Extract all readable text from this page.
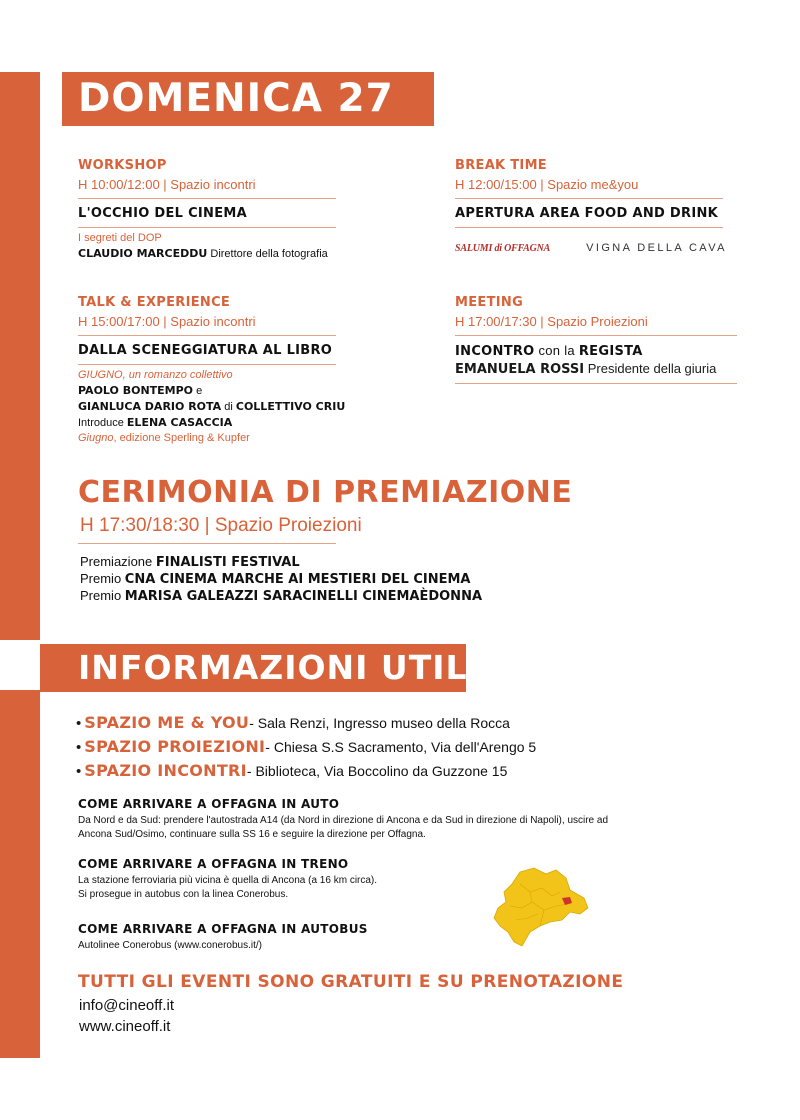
DOMENICA 27
WORKSHOP
H 10:00/12:00 | Spazio incontri
L'OCCHIO DEL CINEMA
I segreti del DOP
CLAUDIO MARCEDDU Direttore della fotografia
BREAK TIME
H 12:00/15:00 | Spazio me&you
APERTURA AREA FOOD AND DRINK
SALUMI di OFFAGNA	VIGNA DELLA CAVA
TALK & EXPERIENCE
H 15:00/17:00 | Spazio incontri
DALLA SCENEGGIATURA AL LIBRO
GIUGNO, un romanzo collettivo
PAOLO BONTEMPO e
GIANLUCA DARIO ROTA di COLLETTIVO CRIU
Introduce ELENA CASACCIA
Giugno, edizione Sperling & Kupfer
MEETING
H 17:00/17:30 | Spazio Proiezioni
INCONTRO con la REGISTA
EMANUELA ROSSI Presidente della giuria
CERIMONIA DI PREMIAZIONE
H 17:30/18:30 | Spazio Proiezioni
Premiazione FINALISTI FESTIVAL
Premio CNA CINEMA MARCHE AI MESTIERI DEL CINEMA
Premio MARISA GALEAZZI SARACINELLI CINEMAÈDONNA
INFORMAZIONI UTILI
• SPAZIO ME & YOU - Sala Renzi, Ingresso museo della Rocca
• SPAZIO PROIEZIONI - Chiesa S.S Sacramento, Via dell'Arengo 5
• SPAZIO INCONTRI - Biblioteca, Via Boccolino da Guzzone 15
COME ARRIVARE A OFFAGNA IN AUTO
Da Nord e da Sud: prendere l'autostrada A14 (da Nord in direzione di Ancona e da Sud in direzione di Napoli), uscire ad Ancona Sud/Osimo, continuare sulla SS 16 e seguire la direzione per Offagna.
COME ARRIVARE A OFFAGNA IN TRENO
La stazione ferroviaria più vicina è quella di Ancona (a 16 km circa).
Si prosegue in autobus con la linea Conerobus.
COME ARRIVARE A OFFAGNA IN AUTOBUS
Autolinee Conerobus (www.conerobus.it/)
TUTTI GLI EVENTI SONO GRATUITI E SU PRENOTAZIONE
info@cineoff.it
www.cineoff.it
